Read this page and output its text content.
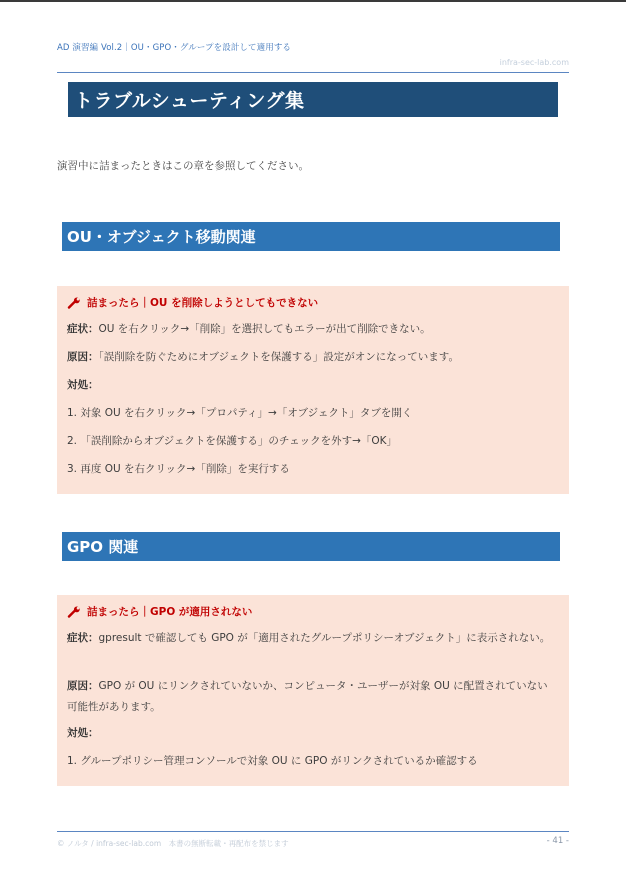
AD 演習編 Vol.2｜OU・GPO・グループを設計して適用する
infra-sec-lab.com
トラブルシューティング集
演習中に詰まったときはこの章を参照してください。
OU・オブジェクト移動関連
詰まったら｜OU を削除しようとしてもできない
症状：OU を右クリック→「削除」を選択してもエラーが出て削除できない。
原因：「誤削除を防ぐためにオブジェクトを保護する」設定がオンになっています。
対処：
1. 対象 OU を右クリック→「プロパティ」→「オブジェクト」タブを開く
2. 「誤削除からオブジェクトを保護する」のチェックを外す→「OK」
3. 再度 OU を右クリック→「削除」を実行する
GPO 関連
詰まったら｜GPO が適用されない
症状：gpresult で確認しても GPO が「適用されたグループポリシーオブジェクト」に表示されない。
原因：GPO が OU にリンクされていないか、コンピュータ・ユーザーが対象 OU に配置されていない可能性があります。
対処：
1. グループポリシー管理コンソールで対象 OU に GPO がリンクされているか確認する
© ノルタ / infra-sec-lab.com　本書の無断転載・再配布を禁じます	- 41 -
